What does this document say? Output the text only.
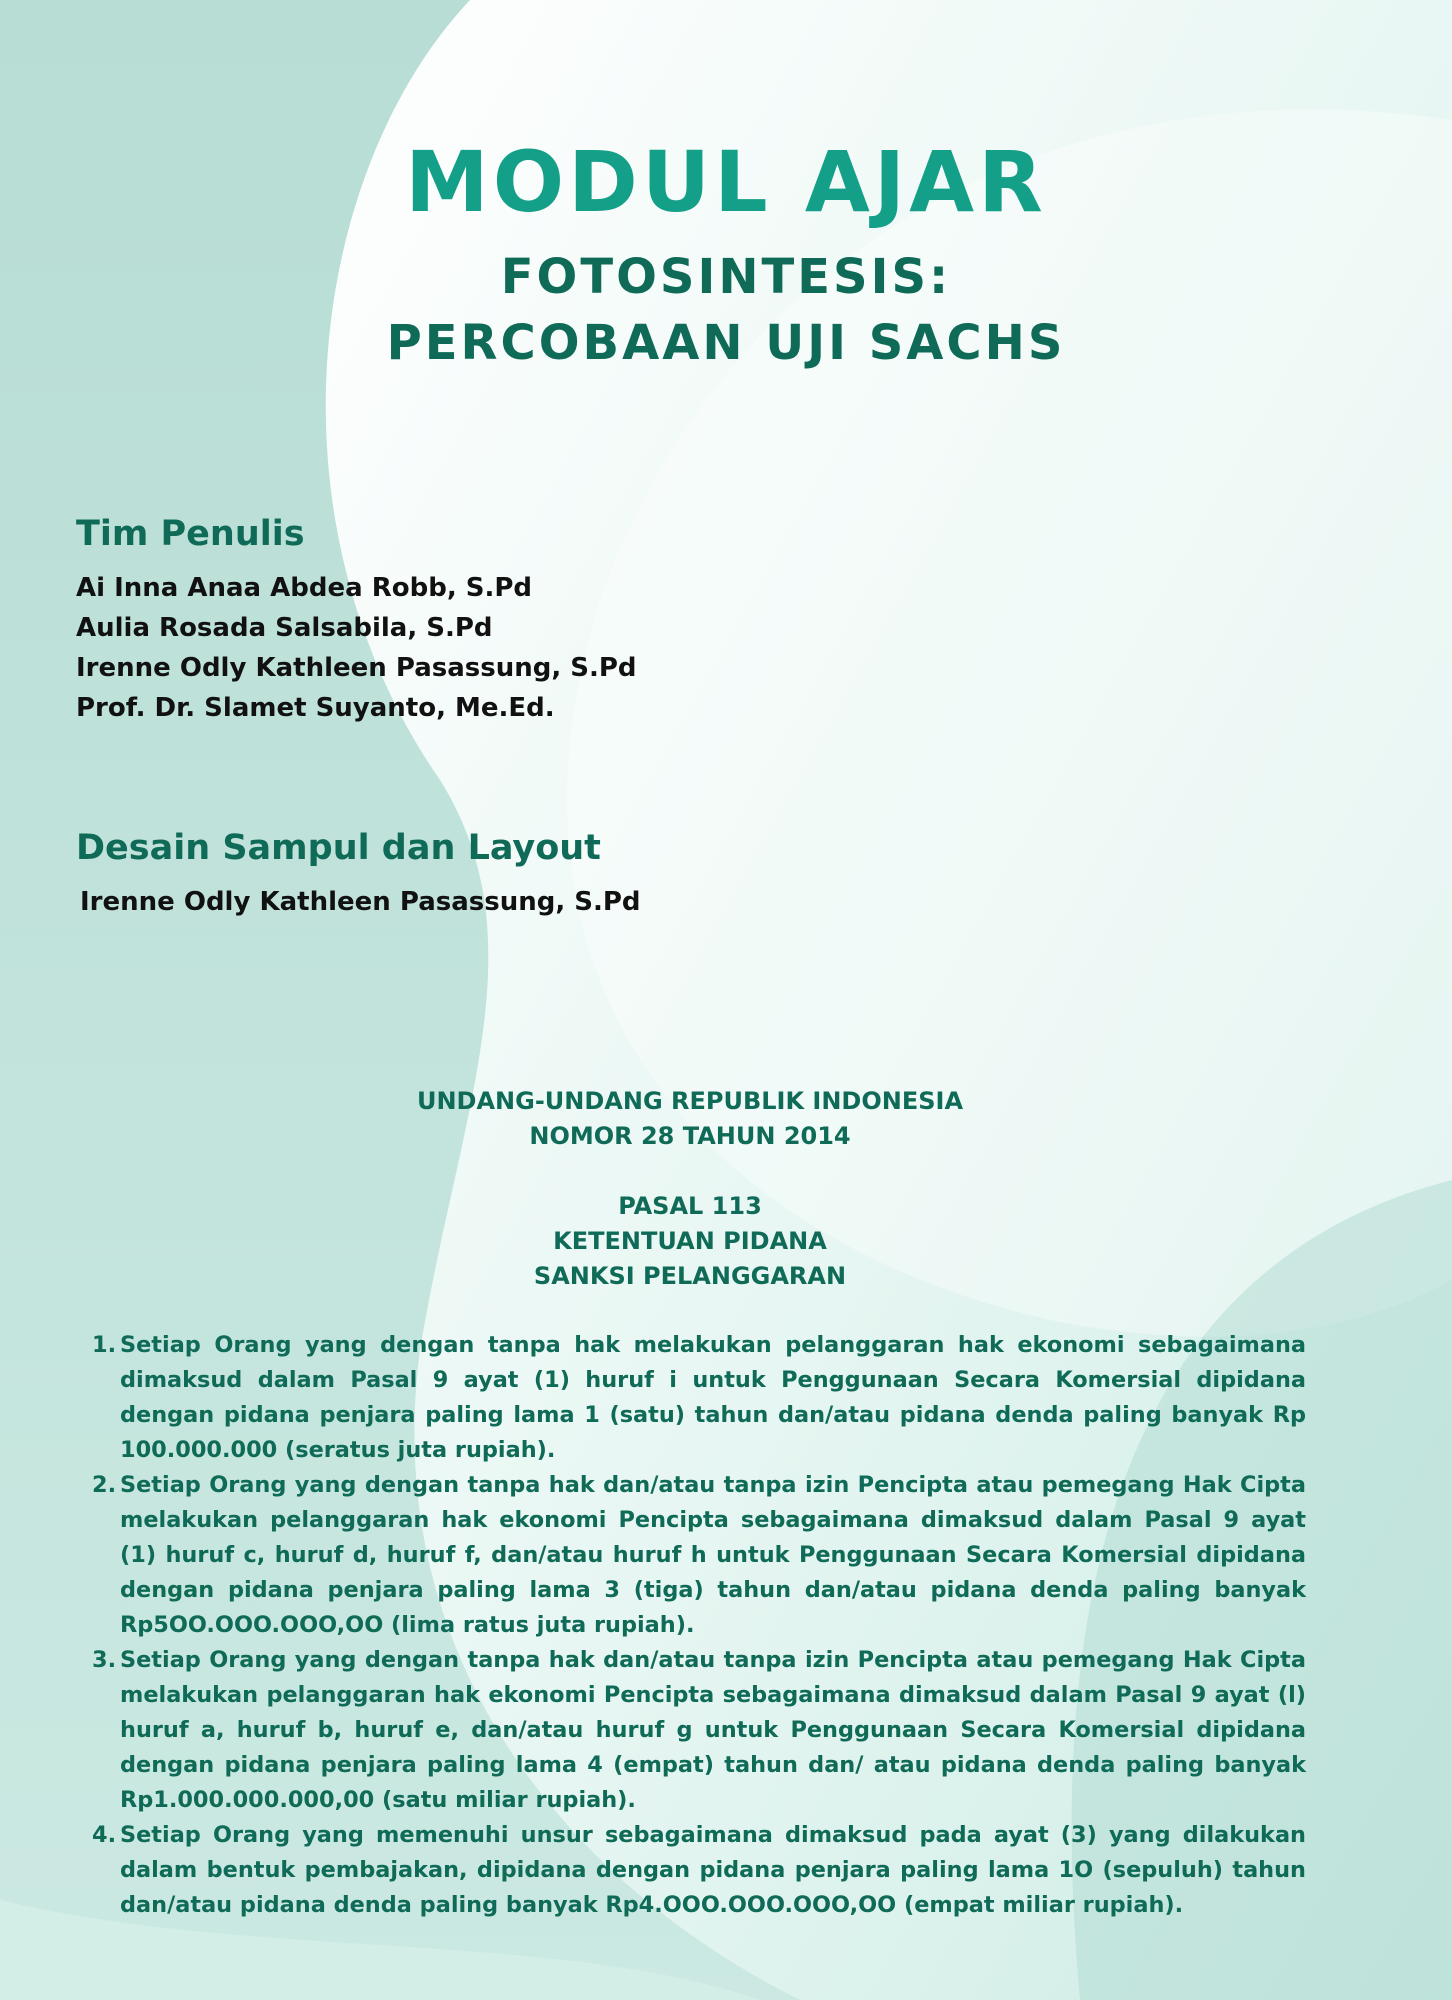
MODUL AJAR
FOTOSINTESIS:
PERCOBAAN UJI SACHS
Tim Penulis
Ai Inna Anaa Abdea Robb, S.Pd
Aulia Rosada Salsabila, S.Pd
Irenne Odly Kathleen Pasassung, S.Pd
Prof. Dr. Slamet Suyanto, Me.Ed.
Desain Sampul dan Layout
Irenne Odly Kathleen Pasassung, S.Pd
UNDANG-UNDANG REPUBLIK INDONESIA
NOMOR 28 TAHUN 2014
PASAL 113
KETENTUAN PIDANA
SANKSI PELANGGARAN
1. Setiap Orang yang dengan tanpa hak melakukan pelanggaran hak ekonomi sebagaimana dimaksud dalam Pasal 9 ayat (1) huruf i untuk Penggunaan Secara Komersial dipidana dengan pidana penjara paling lama 1 (satu) tahun dan/atau pidana denda paling banyak Rp 100.000.000 (seratus juta rupiah).
2. Setiap Orang yang dengan tanpa hak dan/atau tanpa izin Pencipta atau pemegang Hak Cipta melakukan pelanggaran hak ekonomi Pencipta sebagaimana dimaksud dalam Pasal 9 ayat (1) huruf c, huruf d, huruf f, dan/atau huruf h untuk Penggunaan Secara Komersial dipidana dengan pidana penjara paling lama 3 (tiga) tahun dan/atau pidana denda paling banyak Rp5OO.OOO.OOO,OO (lima ratus juta rupiah).
3. Setiap Orang yang dengan tanpa hak dan/atau tanpa izin Pencipta atau pemegang Hak Cipta melakukan pelanggaran hak ekonomi Pencipta sebagaimana dimaksud dalam Pasal 9 ayat (l) huruf a, huruf b, huruf e, dan/atau huruf g untuk Penggunaan Secara Komersial dipidana dengan pidana penjara paling lama 4 (empat) tahun dan/ atau pidana denda paling banyak Rp1.000.000.000,00 (satu miliar rupiah).
4. Setiap Orang yang memenuhi unsur sebagaimana dimaksud pada ayat (3) yang dilakukan dalam bentuk pembajakan, dipidana dengan pidana penjara paling lama 1O (sepuluh) tahun dan/atau pidana denda paling banyak Rp4.OOO.OOO.OOO,OO (empat miliar rupiah).
